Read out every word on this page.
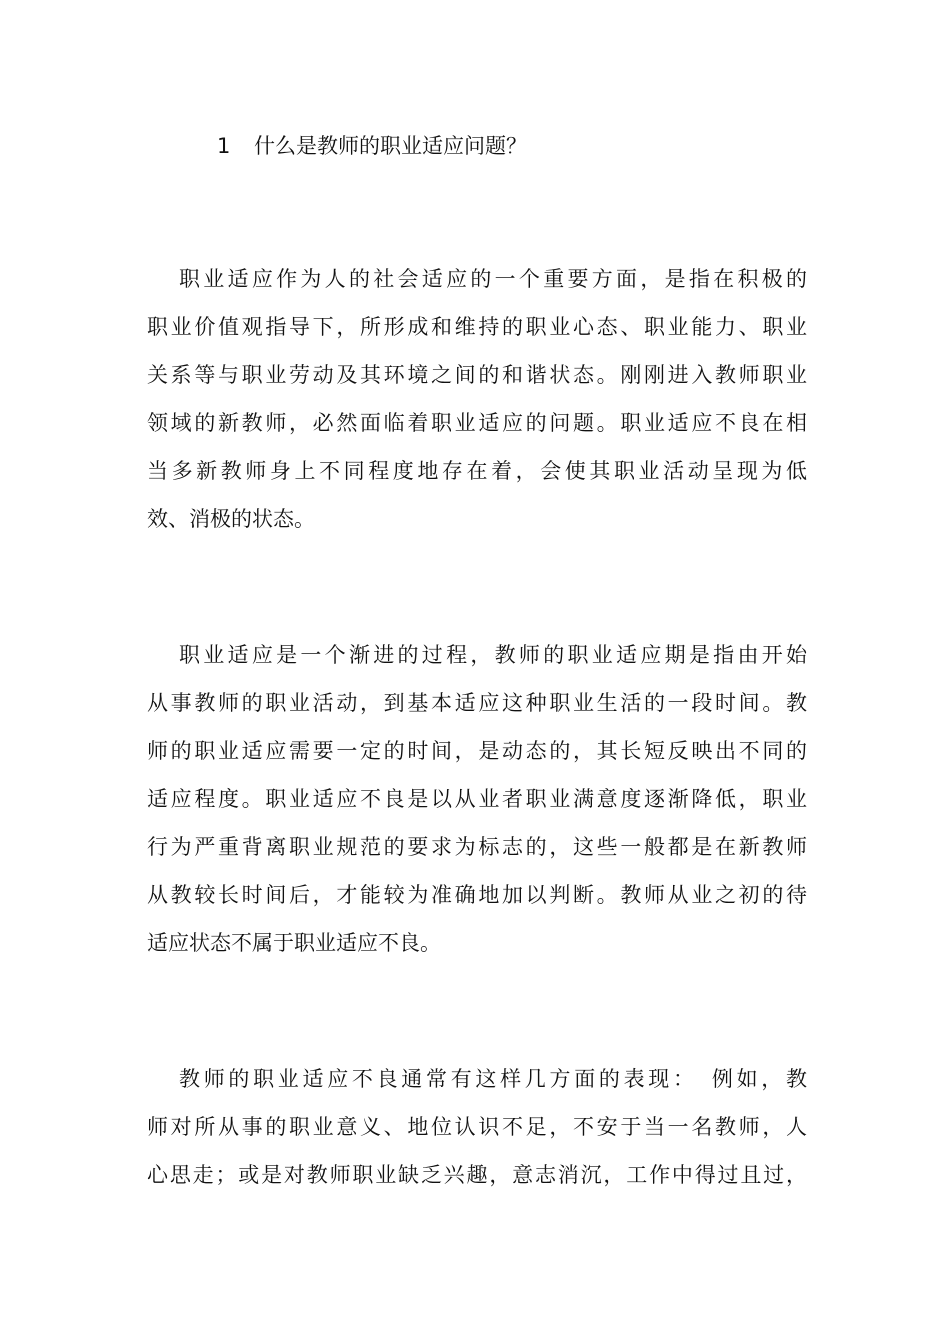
1 什么是教师的职业适应问题？
职业适应作为人的社会适应的一个重要方面，是指在积极的
职业价值观指导下，所形成和维持的职业心态、职业能力、职业
关系等与职业劳动及其环境之间的和谐状态。刚刚进入教师职业
领域的新教师，必然面临着职业适应的问题。职业适应不良在相
当多新教师身上不同程度地存在着，会使其职业活动呈现为低
效、消极的状态。
职业适应是一个渐进的过程，教师的职业适应期是指由开始
从事教师的职业活动，到基本适应这种职业生活的一段时间。教
师的职业适应需要一定的时间，是动态的，其长短反映出不同的
适应程度。职业适应不良是以从业者职业满意度逐渐降低，职业
行为严重背离职业规范的要求为标志的，这些一般都是在新教师
从教较长时间后，才能较为准确地加以判断。教师从业之初的待
适应状态不属于职业适应不良。
教师的职业适应不良通常有这样几方面的表现：　例如，教
师对所从事的职业意义、地位认识不足，不安于当一名教师，人
心思走；或是对教师职业缺乏兴趣，意志消沉，工作中得过且过，
